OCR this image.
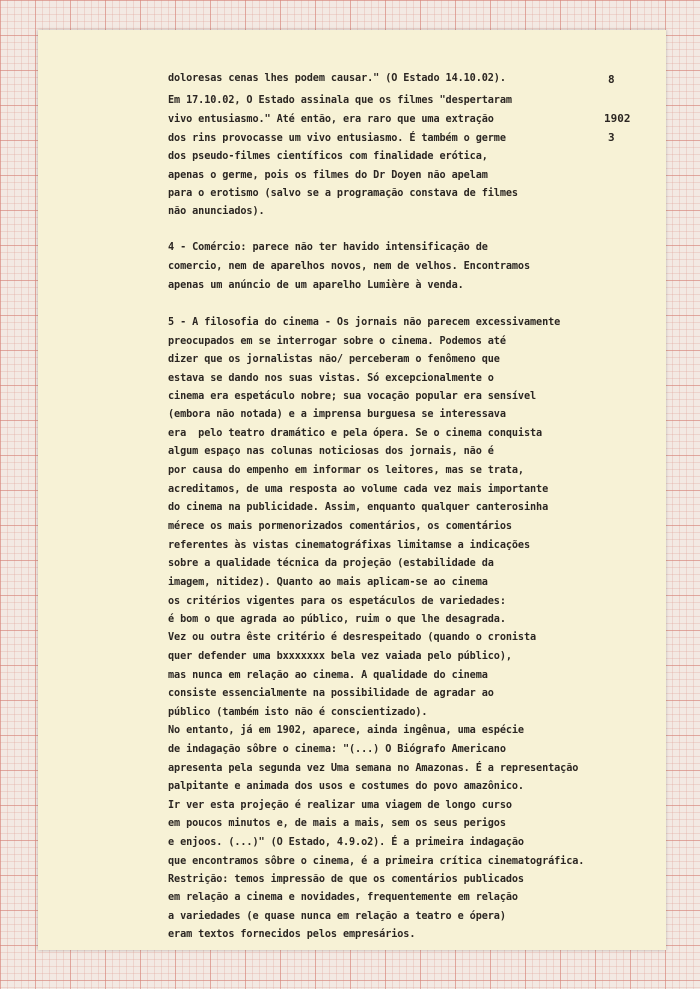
8
1902
3
doloresas cenas lhes podem causar." (O Estado 14.10.02).
Em 17.10.02, O Estado assinala que os filmes "despertaram
vivo entusiasmo." Até então, era raro que uma extração
dos rins provocasse um vivo entusiasmo. É também o germe
dos pseudo-filmes científicos com finalidade erótica,
apenas o germe, pois os filmes do Dr Doyen não apelam
para o erotismo (salvo se a programação constava de filmes
não anunciados).
4 - Comércio: parece não ter havido intensificação de
comercio, nem de aparelhos novos, nem de velhos. Encontramos
apenas um anúncio de um aparelho Lumière à venda.
5 - A filosofia do cinema - Os jornais não parecem excessivamente
preocupados em se interrogar sobre o cinema. Podemos até
dizer que os jornalistas não/ perceberam o fenômeno que
estava se dando nos suas vistas. Só excepcionalmente o
cinema era espetáculo nobre; sua vocação popular era sensível
(embora não notada) e a imprensa burguesa se interessava
era  pelo teatro dramático e pela ópera. Se o cinema conquista
algum espaço nas colunas noticiosas dos jornais, não é
por causa do empenho em informar os leitores, mas se trata,
acreditamos, de uma resposta ao volume cada vez mais importante
do cinema na publicidade. Assim, enquanto qualquer canterosinha
mérece os mais pormenorizados comentários, os comentários
referentes às vistas cinematográfixas limitamse a indicações
sobre a qualidade técnica da projeção (estabilidade da
imagem, nitidez). Quanto ao mais aplicam-se ao cinema
os critérios vigentes para os espetáculos de variedades:
é bom o que agrada ao público, ruim o que lhe desagrada.
Vez ou outra êste critério é desrespeitado (quando o cronista
quer defender uma bxxxxxxx bela vez vaiada pelo público),
mas nunca em relação ao cinema. A qualidade do cinema
consiste essencialmente na possibilidade de agradar ao
público (também isto não é conscientizado).
No entanto, já em 1902, aparece, ainda ingênua, uma espécie
de indagação sôbre o cinema: "(...) O Biógrafo Americano
apresenta pela segunda vez Uma semana no Amazonas. É a representação
palpitante e animada dos usos e costumes do povo amazônico.
Ir ver esta projeção é realizar uma viagem de longo curso
em poucos minutos e, de mais a mais, sem os seus perigos
e enjoos. (...)" (O Estado, 4.9.o2). É a primeira indagação
que encontramos sôbre o cinema, é a primeira crítica cinematográfica.
Restrição: temos impressão de que os comentários publicados
em relação a cinema e novidades, frequentemente em relação
a variedades (e quase nunca em relação a teatro e ópera)
eram textos fornecidos pelos empresários.
